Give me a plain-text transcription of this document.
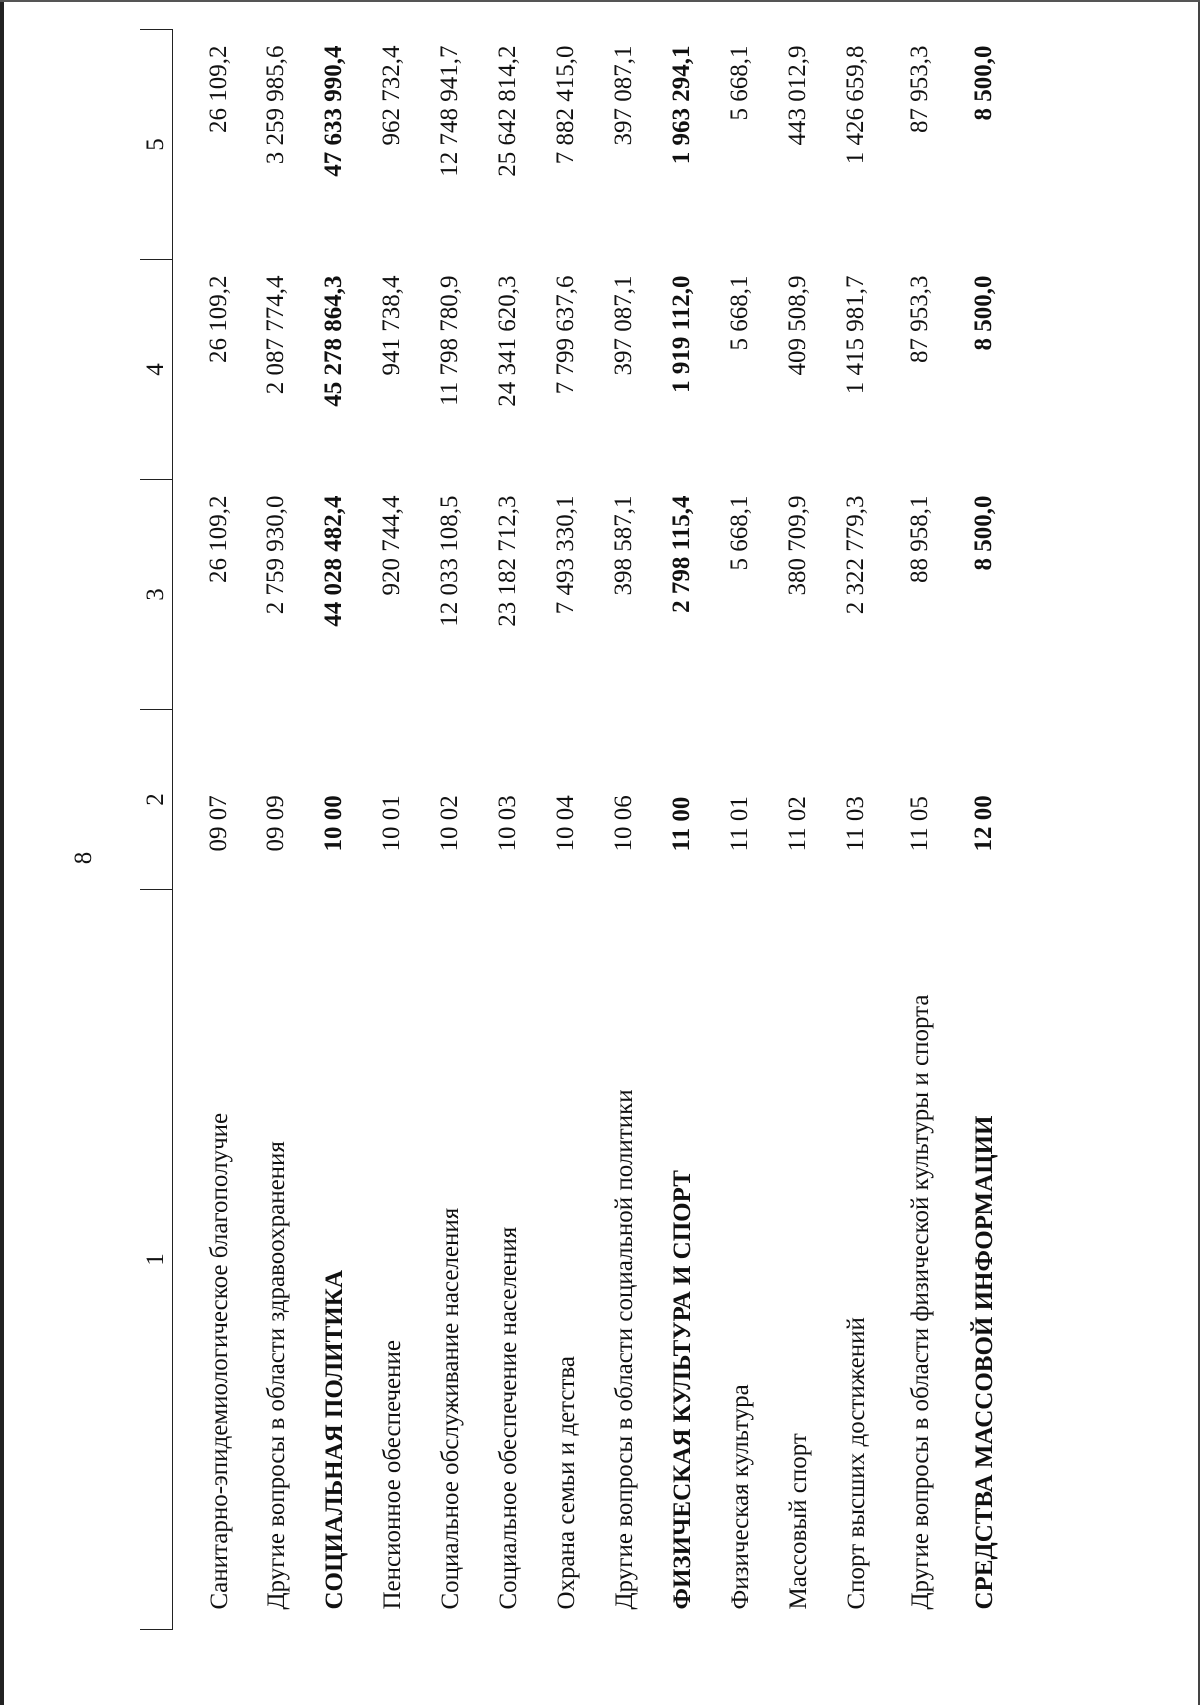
8
1	2	3	4	5
Санитарно-эпидемиологическое благополучие	09 07	26 109,2	26 109,2	26 109,2
Другие вопросы в области здравоохранения	09 09	2 759 930,0	2 087 774,4	3 259 985,6
СОЦИАЛЬНАЯ ПОЛИТИКА	10 00	44 028 482,4	45 278 864,3	47 633 990,4
Пенсионное обеспечение	10 01	920 744,4	941 738,4	962 732,4
Социальное обслуживание населения	10 02	12 033 108,5	11 798 780,9	12 748 941,7
Социальное обеспечение населения	10 03	23 182 712,3	24 341 620,3	25 642 814,2
Охрана семьи и детства	10 04	7 493 330,1	7 799 637,6	7 882 415,0
Другие вопросы в области социальной политики	10 06	398 587,1	397 087,1	397 087,1
ФИЗИЧЕСКАЯ КУЛЬТУРА И СПОРТ	11 00	2 798 115,4	1 919 112,0	1 963 294,1
Физическая культура	11 01	5 668,1	5 668,1	5 668,1
Массовый спорт	11 02	380 709,9	409 508,9	443 012,9
Спорт высших достижений	11 03	2 322 779,3	1 415 981,7	1 426 659,8
Другие вопросы в области физической культуры и спорта	11 05	88 958,1	87 953,3	87 953,3
СРЕДСТВА МАССОВОЙ ИНФОРМАЦИИ	12 00	8 500,0	8 500,0	8 500,0
